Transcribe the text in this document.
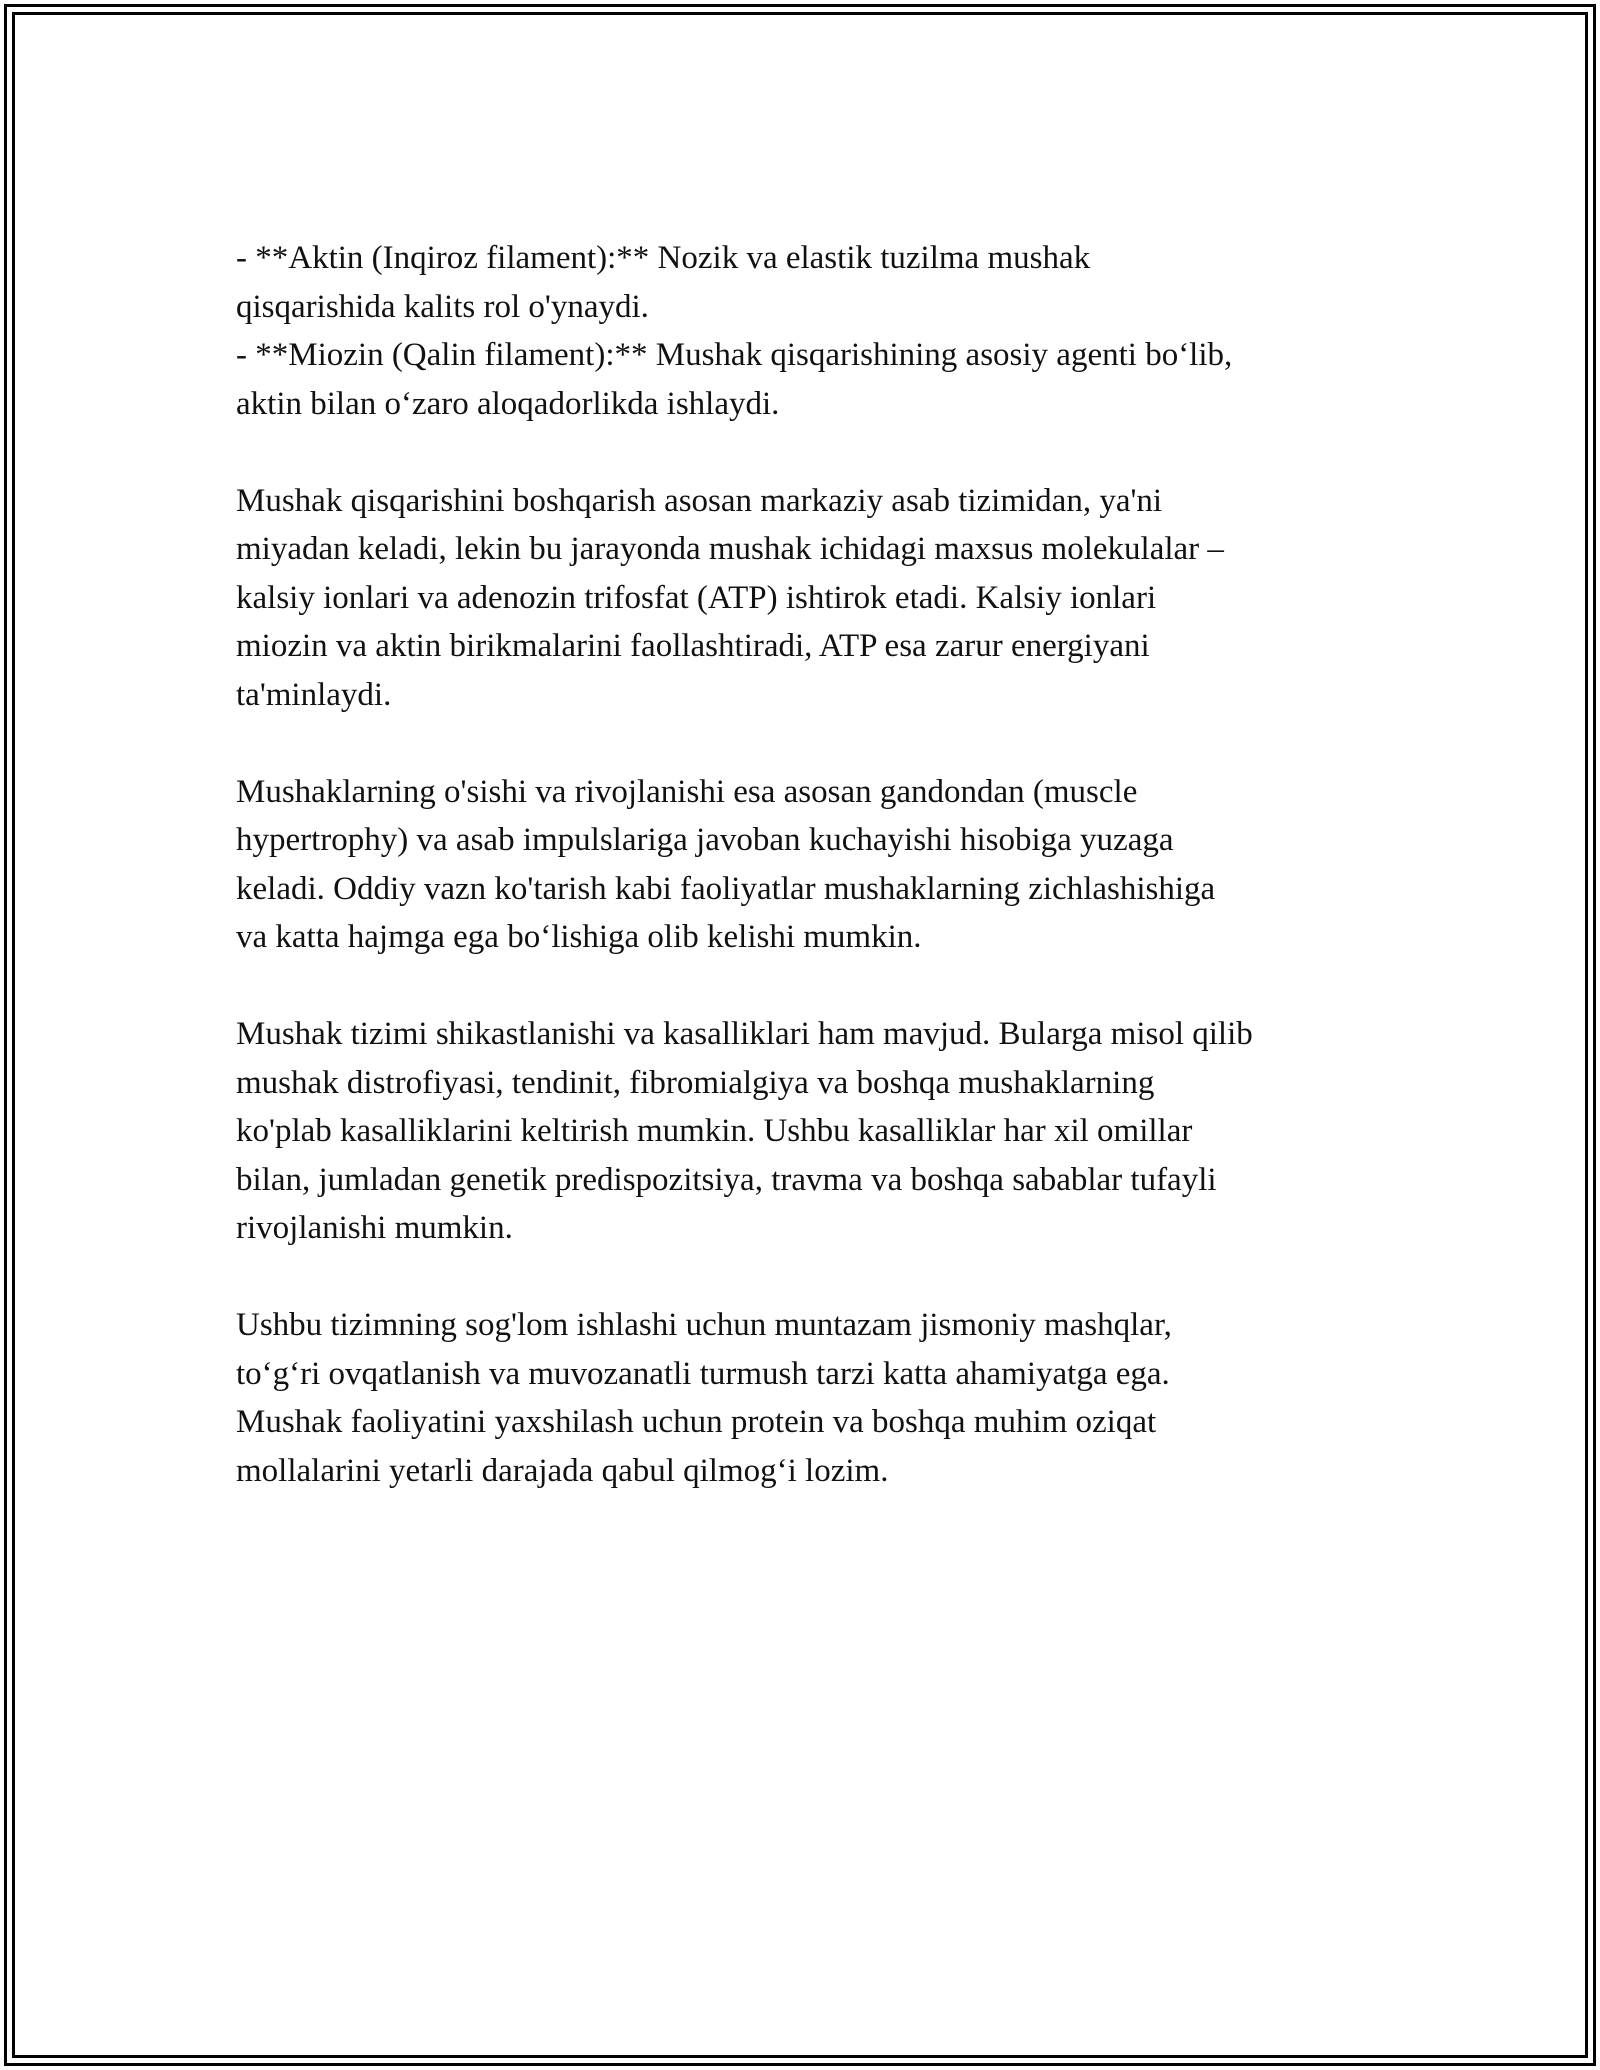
- **Aktin (Inqiroz filament):** Nozik va elastik tuzilma mushak

qisqarishida kalits rol o'ynaydi.

- **Miozin (Qalin filament):** Mushak qisqarishining asosiy agenti bo‘lib,

aktin bilan o‘zaro aloqadorlikda ishlaydi.

Mushak qisqarishini boshqarish asosan markaziy asab tizimidan, ya'ni

miyadan keladi, lekin bu jarayonda mushak ichidagi maxsus molekulalar –

kalsiy ionlari va adenozin trifosfat (ATP) ishtirok etadi. Kalsiy ionlari

miozin va aktin birikmalarini faollashtiradi, ATP esa zarur energiyani

ta'minlaydi.

Mushaklarning o'sishi va rivojlanishi esa asosan gandondan (muscle

hypertrophy) va asab impulslariga javoban kuchayishi hisobiga yuzaga

keladi. Oddiy vazn ko'tarish kabi faoliyatlar mushaklarning zichlashishiga

va katta hajmga ega bo‘lishiga olib kelishi mumkin.

Mushak tizimi shikastlanishi va kasalliklari ham mavjud. Bularga misol qilib

mushak distrofiyasi, tendinit, fibromialgiya va boshqa mushaklarning

ko'plab kasalliklarini keltirish mumkin. Ushbu kasalliklar har xil omillar

bilan, jumladan genetik predispozitsiya, travma va boshqa sabablar tufayli

rivojlanishi mumkin.

Ushbu tizimning sog'lom ishlashi uchun muntazam jismoniy mashqlar,

to‘g‘ri ovqatlanish va muvozanatli turmush tarzi katta ahamiyatga ega.

Mushak faoliyatini yaxshilash uchun protein va boshqa muhim oziqat

mollalarini yetarli darajada qabul qilmog‘i lozim.
